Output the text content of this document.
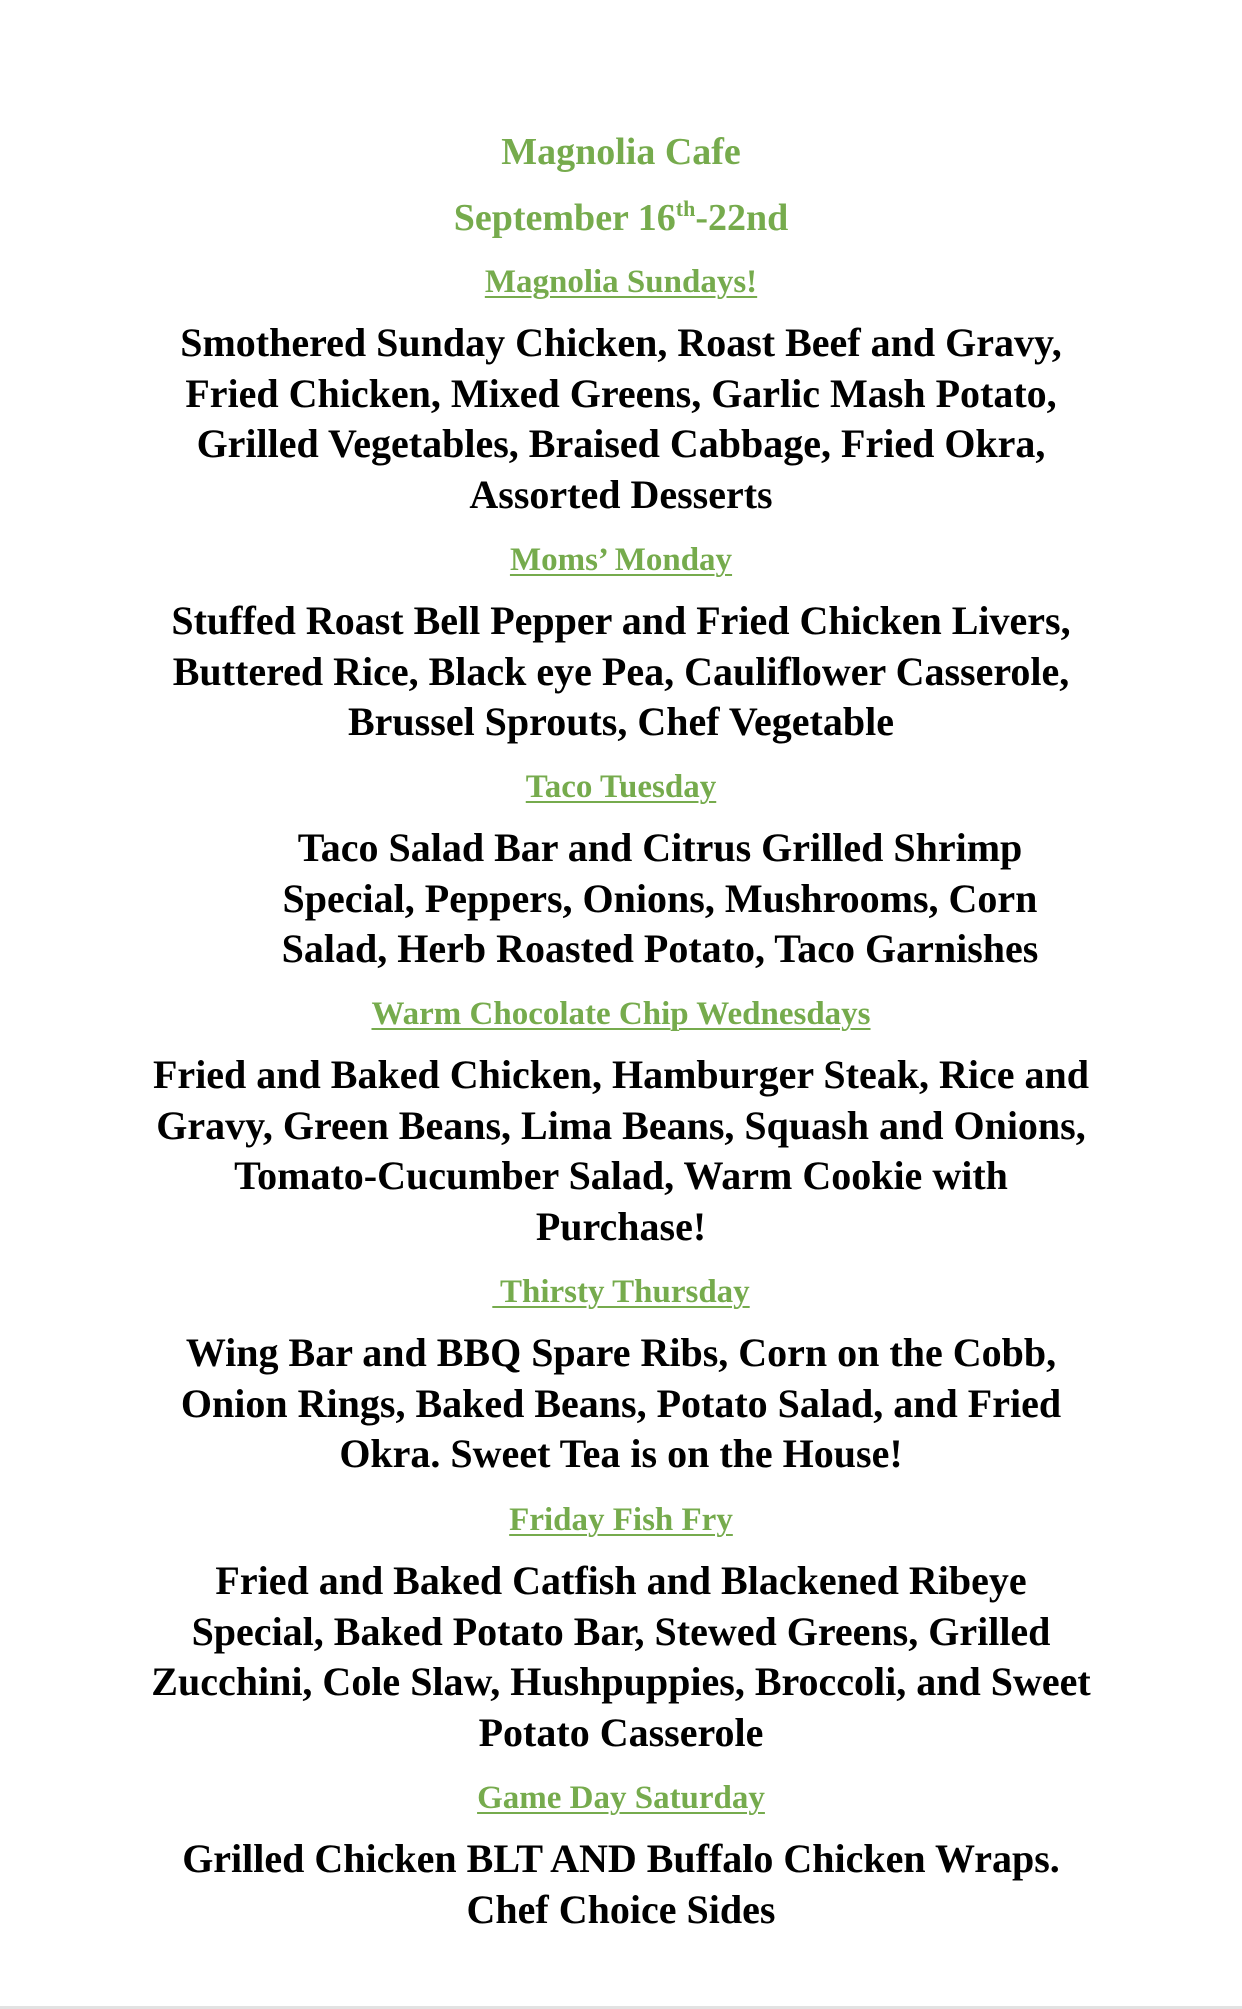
Magnolia Cafe
September 16th-22nd
Magnolia Sundays!
Smothered Sunday Chicken, Roast Beef and Gravy, Fried Chicken, Mixed Greens, Garlic Mash Potato, Grilled Vegetables, Braised Cabbage, Fried Okra, Assorted Desserts
Moms’ Monday
Stuffed Roast Bell Pepper and Fried Chicken Livers, Buttered Rice, Black eye Pea, Cauliflower Casserole, Brussel Sprouts, Chef Vegetable
Taco Tuesday
Taco Salad Bar and Citrus Grilled Shrimp Special, Peppers, Onions, Mushrooms, Corn Salad, Herb Roasted Potato, Taco Garnishes
Warm Chocolate Chip Wednesdays
Fried and Baked Chicken, Hamburger Steak, Rice and Gravy, Green Beans, Lima Beans, Squash and Onions, Tomato-Cucumber Salad, Warm Cookie with Purchase!
Thirsty Thursday
Wing Bar and BBQ Spare Ribs, Corn on the Cobb, Onion Rings, Baked Beans, Potato Salad, and Fried Okra. Sweet Tea is on the House!
Friday Fish Fry
Fried and Baked Catfish and Blackened Ribeye Special, Baked Potato Bar, Stewed Greens, Grilled Zucchini, Cole Slaw, Hushpuppies, Broccoli, and Sweet Potato Casserole
Game Day Saturday
Grilled Chicken BLT AND Buffalo Chicken Wraps. Chef Choice Sides
